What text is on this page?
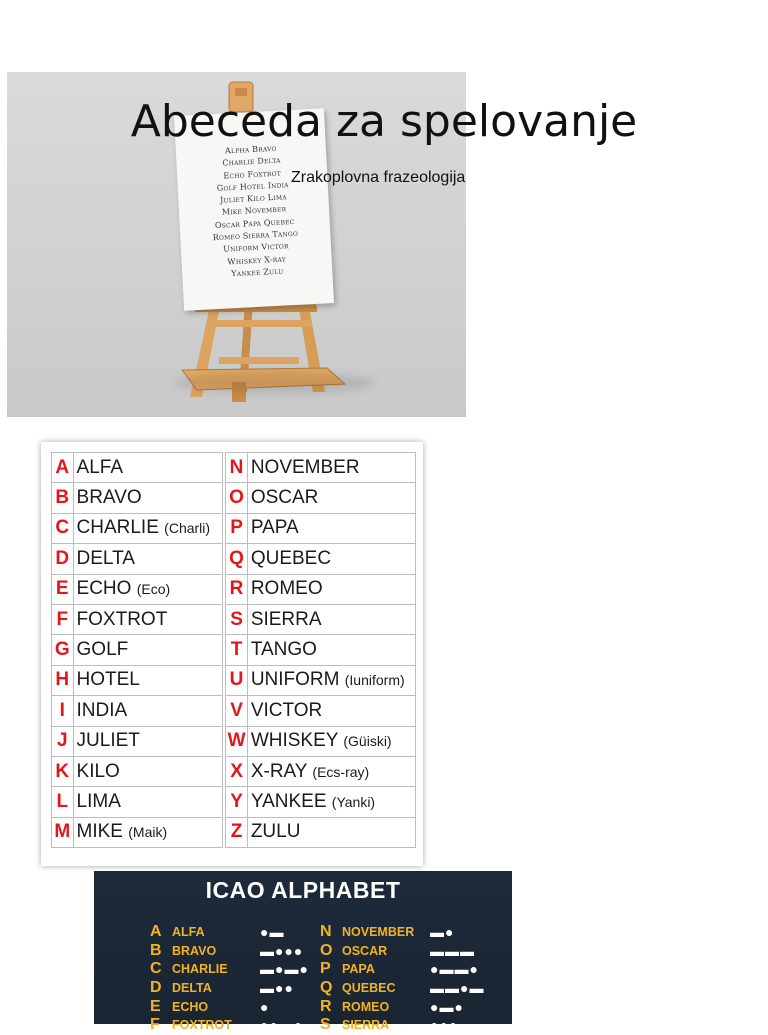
Alpha Bravo
Charlie Delta
Echo Foxtrot
Golf Hotel India
Juliet Kilo Lima
Mike November
Oscar Papa Quebec
Romeo Sierra Tango
Uniform Victor
Whiskey X-ray
Yankee Zulu
Abeceda za spelovanje
Zrakoplovna frazeologija
A	ALFA		N	NOVEMBER
B	BRAVO		O	OSCAR
C	CHARLIE (Charli)		P	PAPA
D	DELTA		Q	QUEBEC
E	ECHO (Eco)		R	ROMEO
F	FOXTROT		S	SIERRA
G	GOLF		T	TANGO
H	HOTEL		U	UNIFORM (Iuniform)
I	INDIA		V	VICTOR
J	JULIET		W	WHISKEY (Güiski)
K	KILO		X	X-RAY (Ecs-ray)
L	LIMA		Y	YANKEE (Yanki)
M	MIKE (Maik)		Z	ZULU
ICAO ALPHABET
A ALFA	●▬
B BRAVO	▬●●●
C CHARLIE	▬●▬●
D DELTA	▬●●
E ECHO	●
F FOXTROT	●●▬●
N NOVEMBER	▬●
O OSCAR	▬▬▬
P PAPA	●▬▬●
Q QUEBEC	▬▬●▬
R ROMEO	●▬●
S SIERRA	●●●
